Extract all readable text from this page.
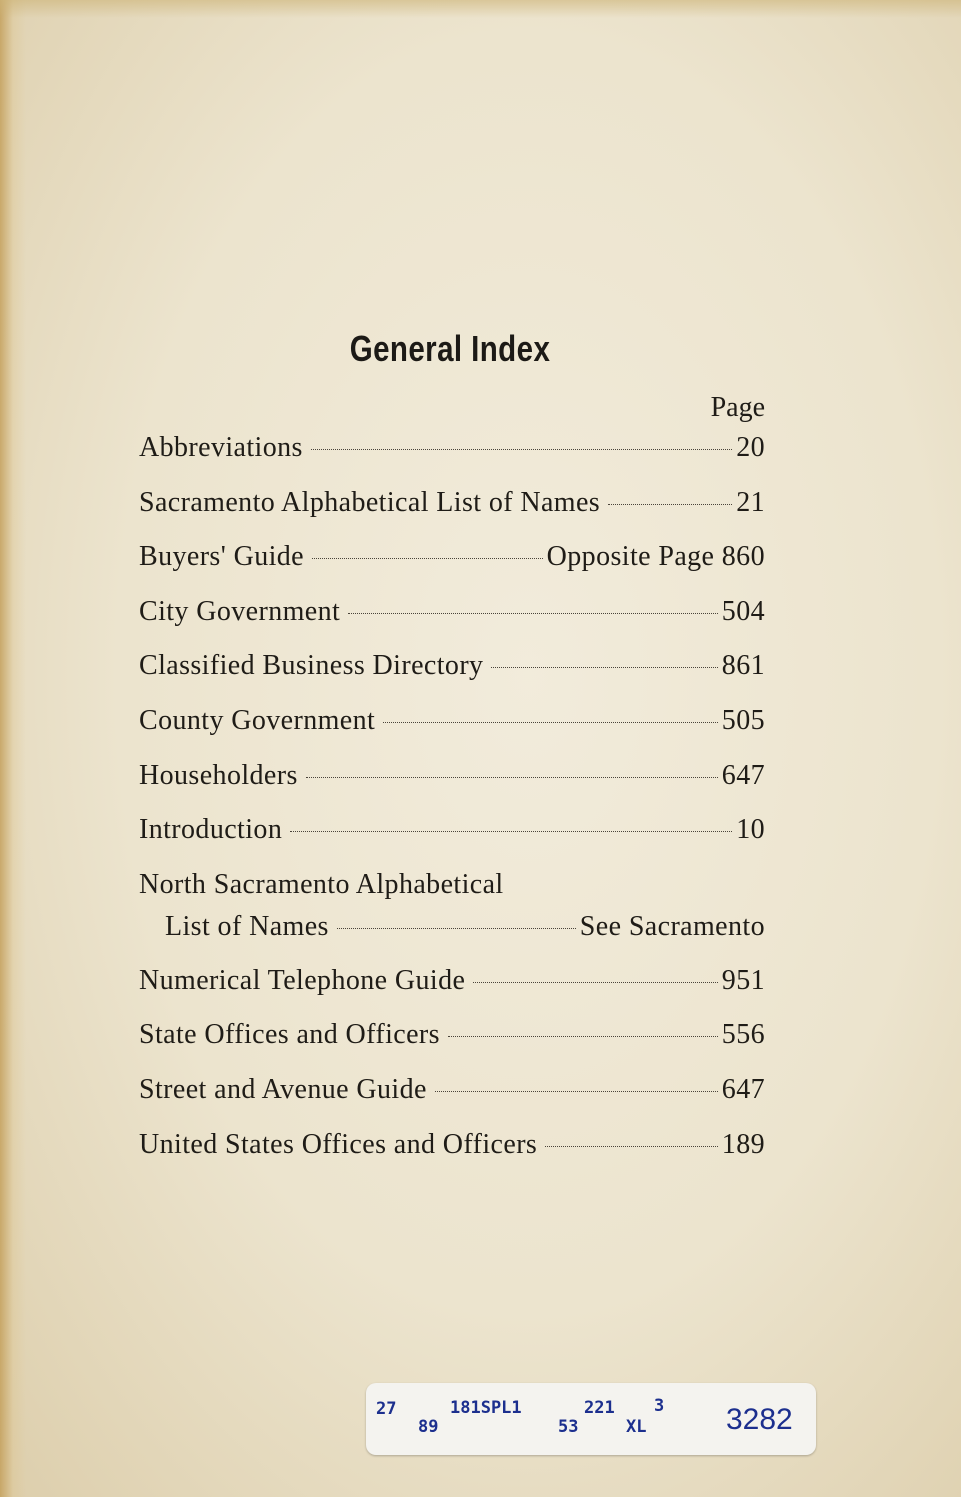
General Index
Page
Abbreviations	20
Sacramento Alphabetical List of Names	21
Buyers' Guide	Opposite Page 860
City Government	504
Classified Business Directory	861
County Government	505
Householders	647
Introduction	10
North Sacramento Alphabetical
List of Names	See Sacramento
Numerical Telephone Guide	951
State Offices and Officers	556
Street and Avenue Guide	647
United States Offices and Officers	189
27
89
181SPL1
53
221
XL
3 3282
